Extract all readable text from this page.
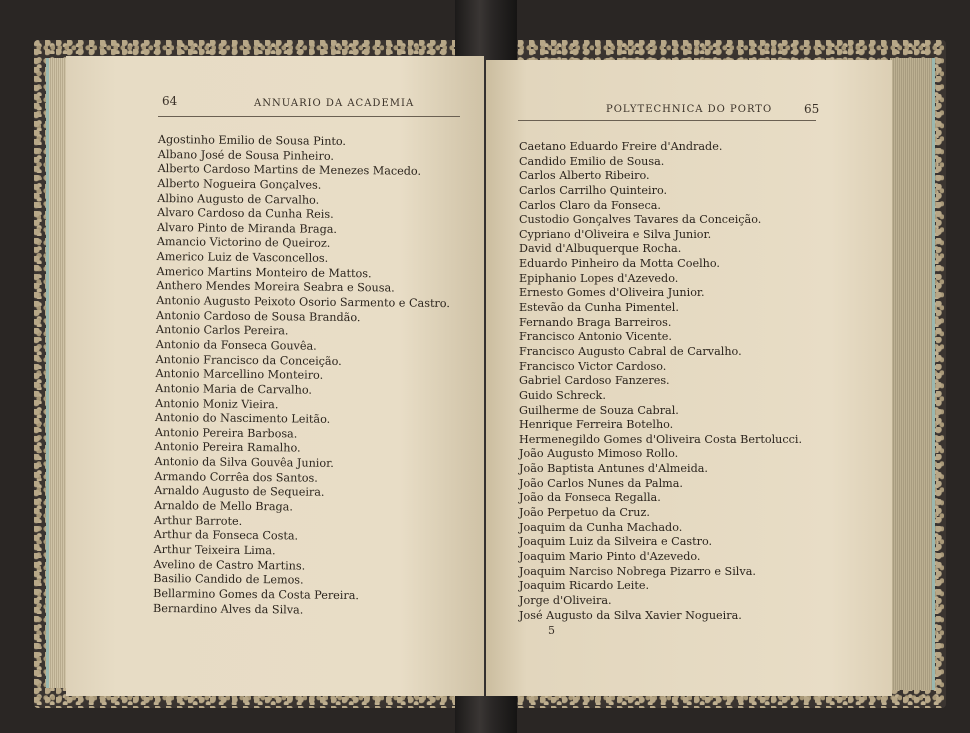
64	ANNUARIO DA ACADEMIA
Agostinho Emilio de Sousa Pinto.
Albano José de Sousa Pinheiro.
Alberto Cardoso Martins de Menezes Macedo.
Alberto Nogueira Gonçalves.
Albino Augusto de Carvalho.
Alvaro Cardoso da Cunha Reis.
Alvaro Pinto de Miranda Braga.
Amancio Victorino de Queiroz.
Americo Luiz de Vasconcellos.
Americo Martins Monteiro de Mattos.
Anthero Mendes Moreira Seabra e Sousa.
Antonio Augusto Peixoto Osorio Sarmento e Castro.
Antonio Cardoso de Sousa Brandão.
Antonio Carlos Pereira.
Antonio da Fonseca Gouvêa.
Antonio Francisco da Conceição.
Antonio Marcellino Monteiro.
Antonio Maria de Carvalho.
Antonio Moniz Vieira.
Antonio do Nascimento Leitão.
Antonio Pereira Barbosa.
Antonio Pereira Ramalho.
Antonio da Silva Gouvêa Junior.
Armando Corrêa dos Santos.
Arnaldo Augusto de Sequeira.
Arnaldo de Mello Braga.
Arthur Barrote.
Arthur da Fonseca Costa.
Arthur Teixeira Lima.
Avelino de Castro Martins.
Basilio Candido de Lemos.
Bellarmino Gomes da Costa Pereira.
Bernardino Alves da Silva.
POLYTECHNICA DO PORTO	65
Caetano Eduardo Freire d'Andrade.
Candido Emilio de Sousa.
Carlos Alberto Ribeiro.
Carlos Carrilho Quinteiro.
Carlos Claro da Fonseca.
Custodio Gonçalves Tavares da Conceição.
Cypriano d'Oliveira e Silva Junior.
David d'Albuquerque Rocha.
Eduardo Pinheiro da Motta Coelho.
Epiphanio Lopes d'Azevedo.
Ernesto Gomes d'Oliveira Junior.
Estevão da Cunha Pimentel.
Fernando Braga Barreiros.
Francisco Antonio Vicente.
Francisco Augusto Cabral de Carvalho.
Francisco Victor Cardoso.
Gabriel Cardoso Fanzeres.
Guido Schreck.
Guilherme de Souza Cabral.
Henrique Ferreira Botelho.
Hermenegildo Gomes d'Oliveira Costa Bertolucci.
João Augusto Mimoso Rollo.
João Baptista Antunes d'Almeida.
João Carlos Nunes da Palma.
João da Fonseca Regalla.
João Perpetuo da Cruz.
Joaquim da Cunha Machado.
Joaquim Luiz da Silveira e Castro.
Joaquim Mario Pinto d'Azevedo.
Joaquim Narciso Nobrega Pizarro e Silva.
Joaquim Ricardo Leite.
Jorge d'Oliveira.
José Augusto da Silva Xavier Nogueira.
5
